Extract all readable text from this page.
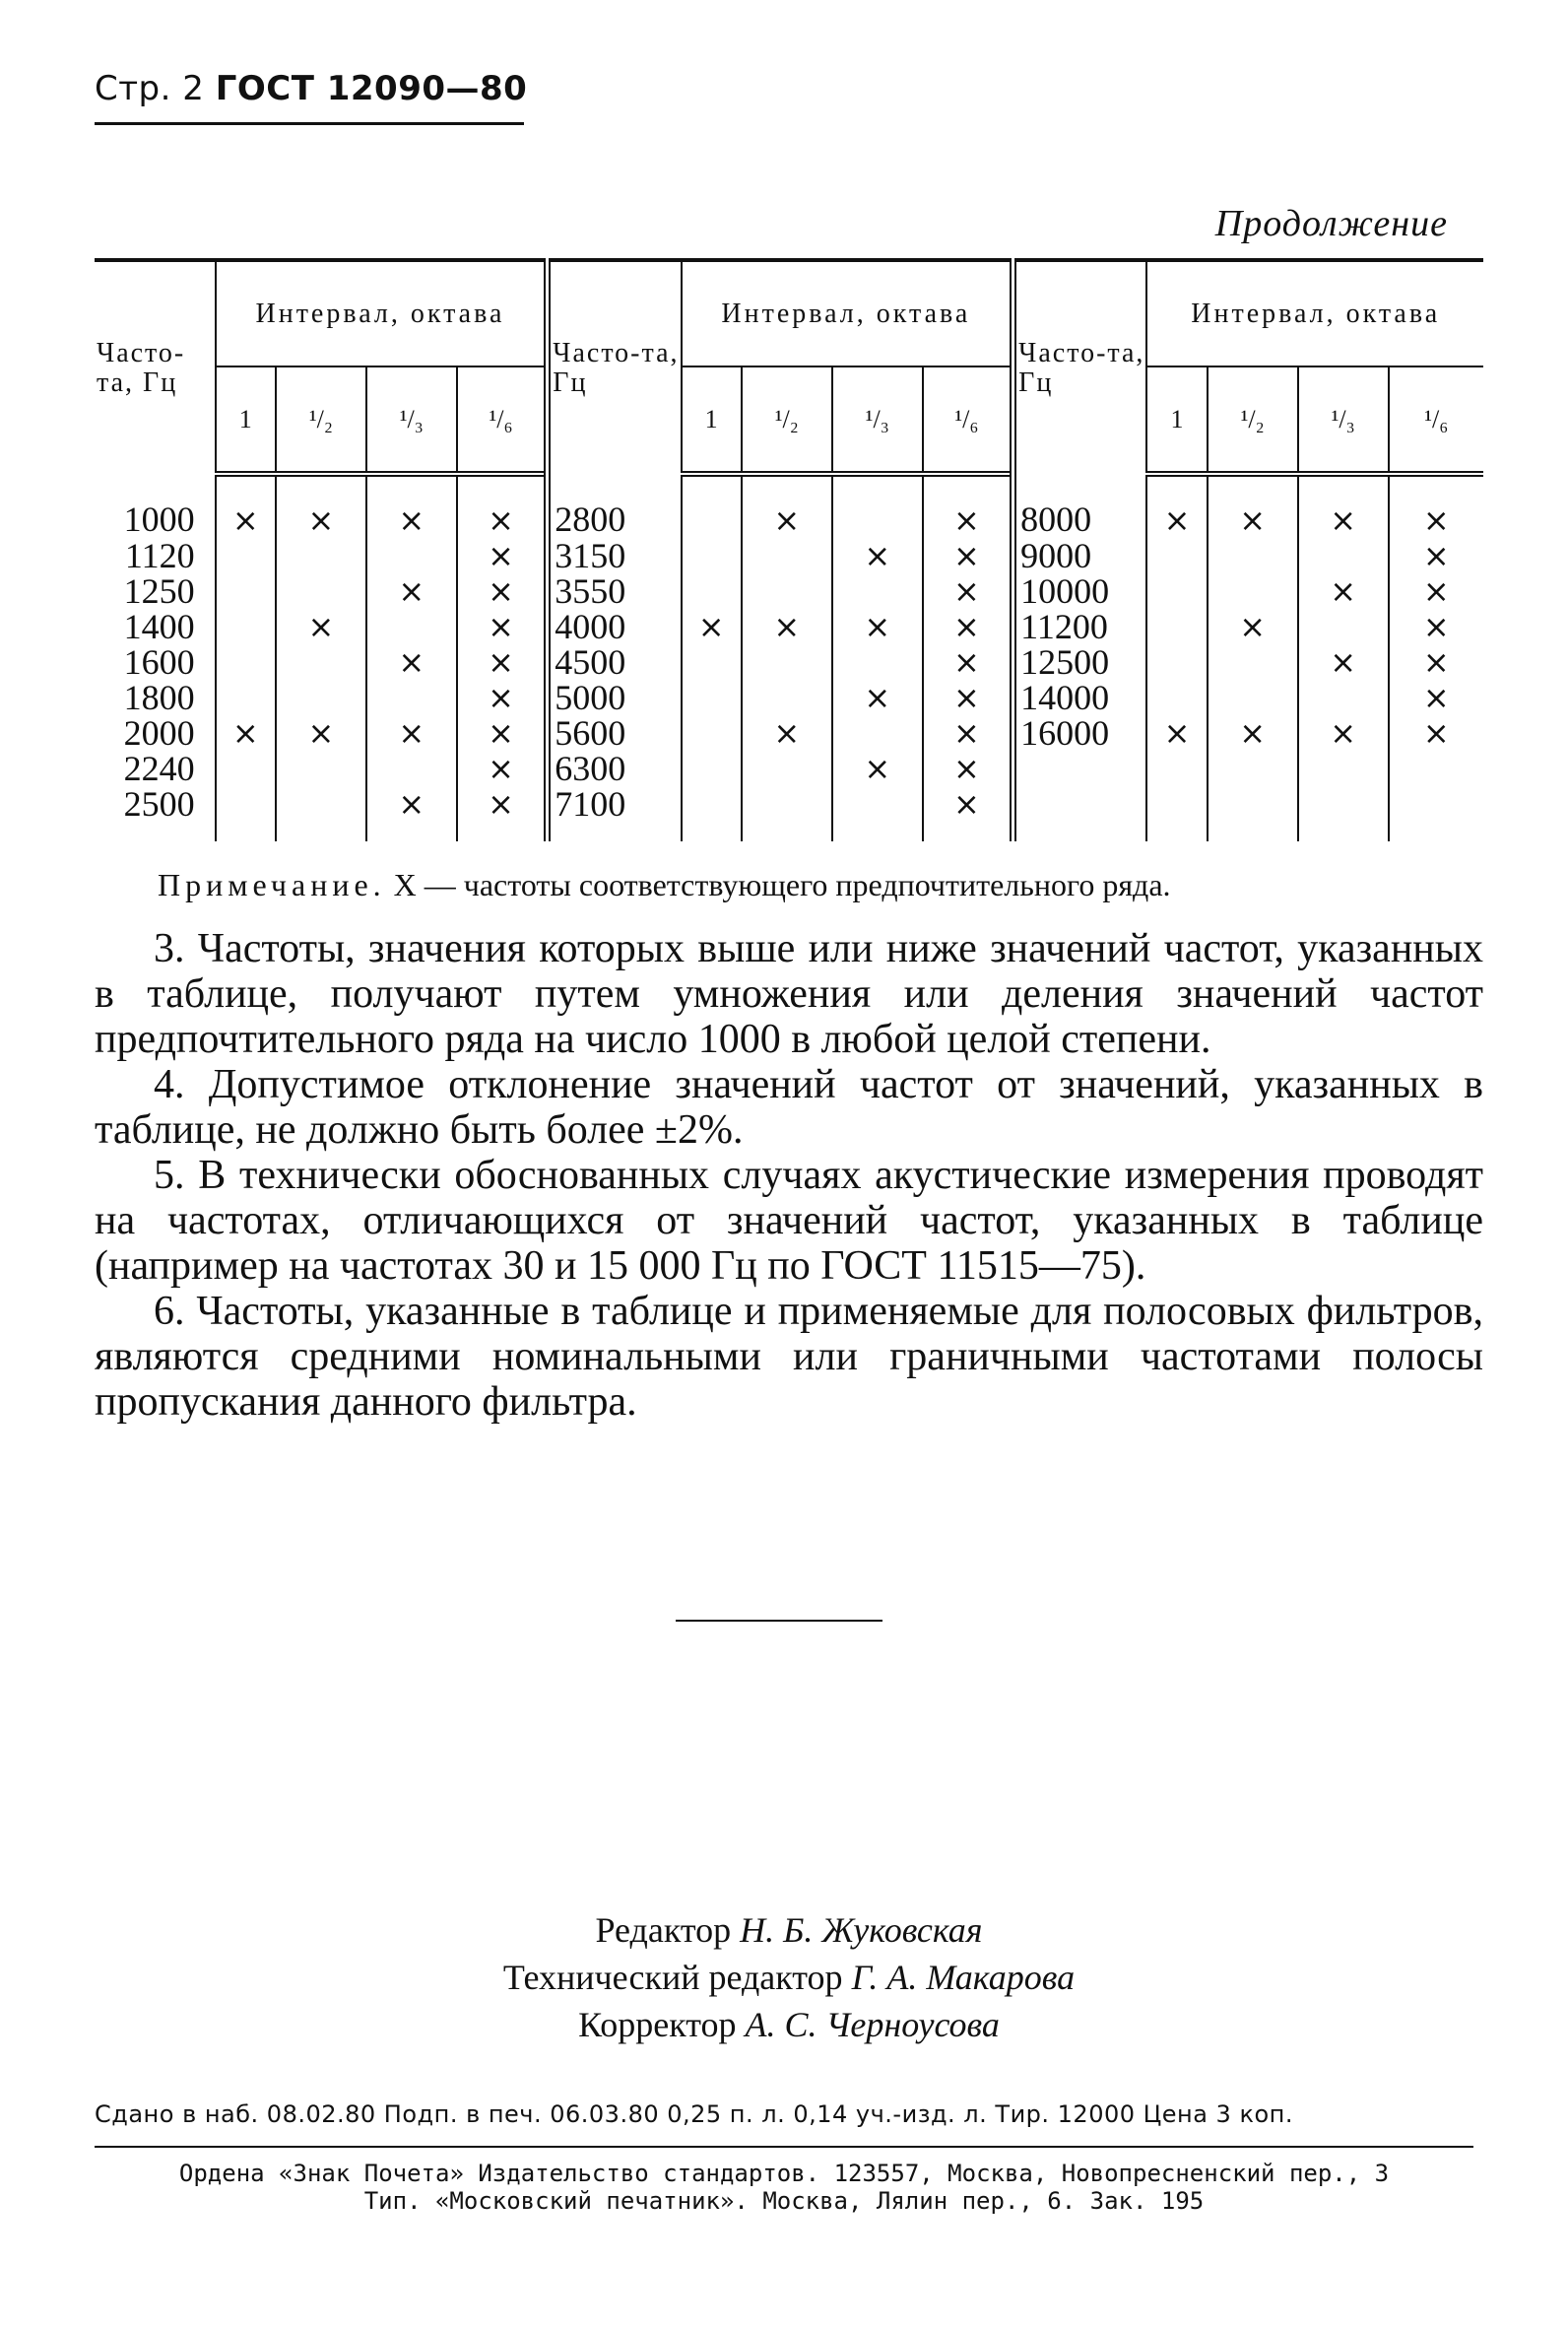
Стр. 2 ГОСТ 12090—80
Продолжение
Часто-та, Гц	Интервал, октава				Часто-та, Гц	Интервал, октава				Часто-та, Гц	Интервал, октава			
	1	¹/₂	¹/₃	¹/₆		1	¹/₂	¹/₃	¹/₆		1	¹/₂	¹/₃	¹/₆
1000	×	×	×	×	2800		×		×	8000	×	×	×	×
1120				×	3150			×	×	9000				×
1250			×	×	3550				×	10000			×	×
1400		×		×	4000	×	×	×	×	11200		×		×
1600			×	×	4500				×	12500			×	×
1800				×	5000			×	×	14000				×
2000	×	×	×	×	5600		×		×	16000	×	×	×	×
2240				×	6300			×	×					
2500			×	×	7100				×					
Примечание. X — частоты соответствующего предпочтительного ряда.

3. Частоты, значения которых выше или ниже значений частот, указанных в таблице, получают путем умножения или деления значений частот предпочтительного ряда на число 1000 в любой целой степени.

4. Допустимое отклонение значений частот от значений, указанных в таблице, не должно быть более ±2%.

5. В технически обоснованных случаях акустические измерения проводят на частотах, отличающихся от значений частот, указанных в таблице (например на частотах 30 и 15 000 Гц по ГОСТ 11515—75).

6. Частоты, указанные в таблице и применяемые для полосовых фильтров, являются средними номинальными или граничными частотами полосы пропускания данного фильтра.

Редактор Н. Б. Жуковская
Технический редактор Г. А. Макарова
Корректор А. С. Черноусова
Сдано в наб. 08.02.80 Подп. в печ. 06.03.80 0,25 п. л. 0,14 уч.-изд. л. Тир. 12000 Цена 3 коп.
Ордена «Знак Почета» Издательство стандартов. 123557, Москва, Новопресненский пер., 3
Тип. «Московский печатник». Москва, Лялин пер., 6. Зак. 195
